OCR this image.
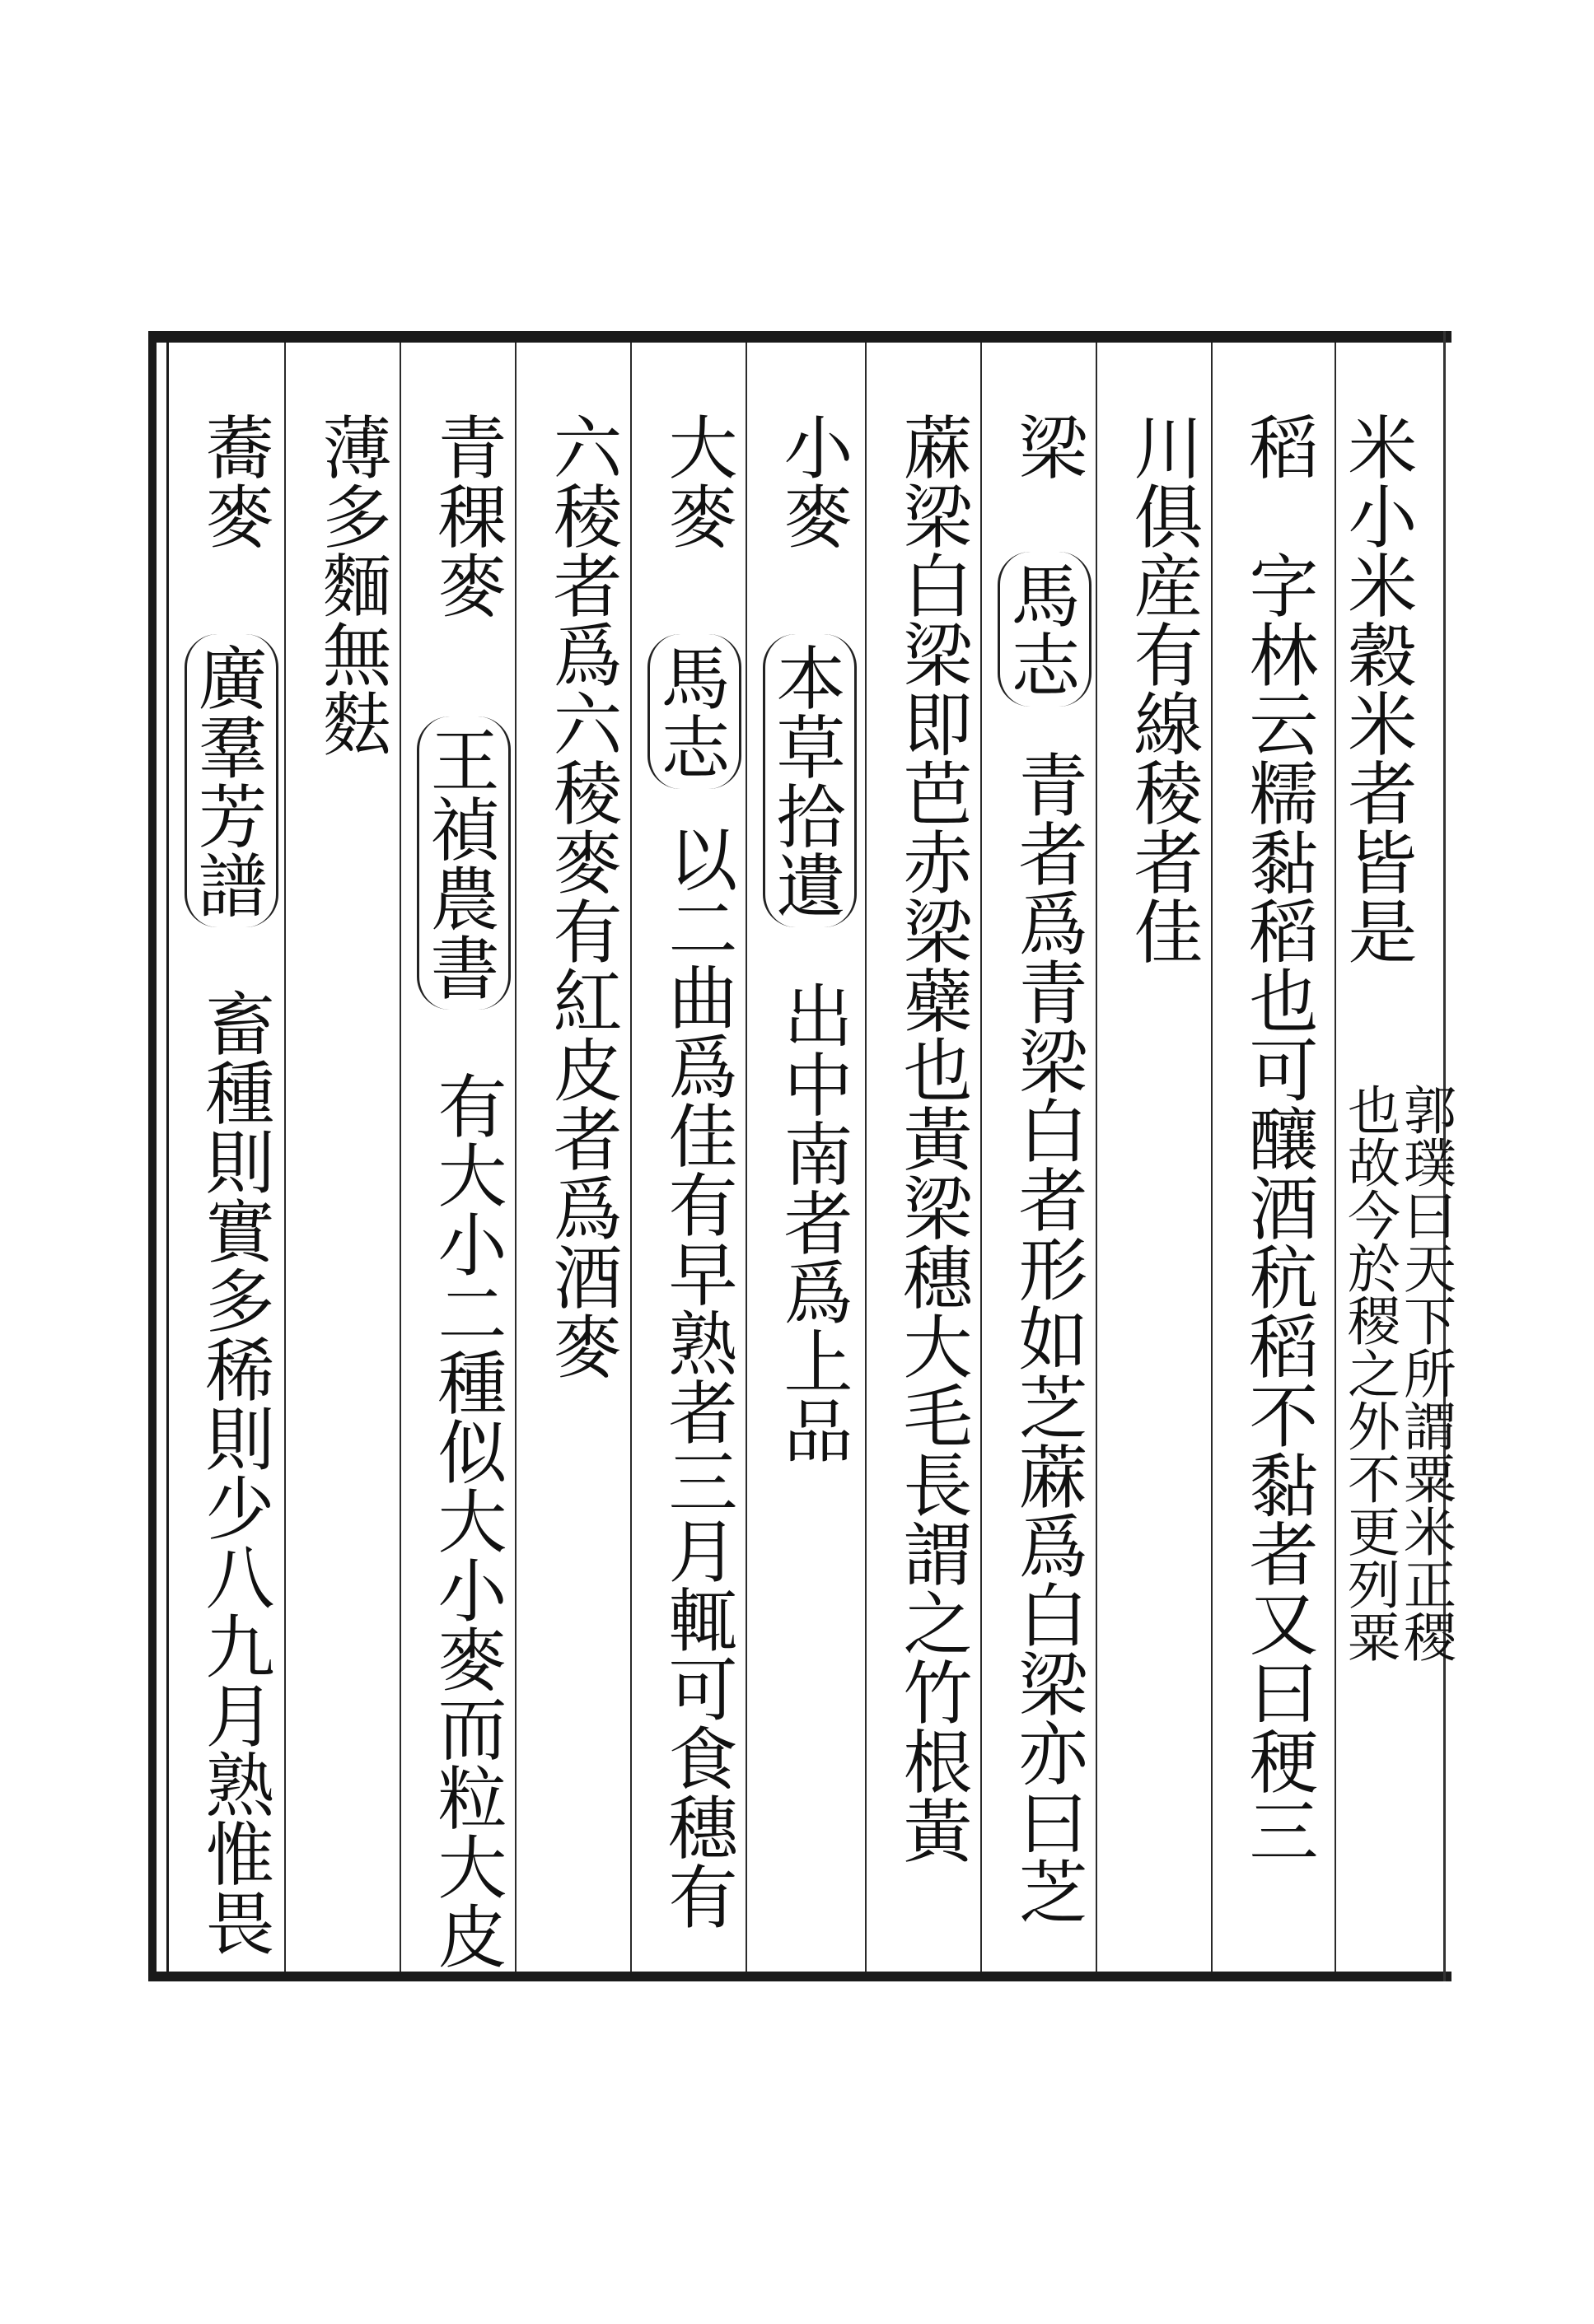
米小米穀米者皆是
郭璞曰天下所謂粟米正稷
也故今於稷之外不更列粟
稻　字林云糯黏稻也可釀酒秔稻不黏者又曰稉三
川俱産有線稜者佳
梁
馬志
青者爲青梁白者形如芝蔴爲白梁亦曰芝
蔴梁白梁即芭赤梁蘗也黃梁穗大毛長謂之竹根黃
小麥
本草拾遺
出中南者爲上品
大麥
馬志
以二曲爲佳有早熟者三月輒可食穗有
六稜者爲六稜麥有紅皮者爲酒麥
青稞麥
王禎農書
有大小二種似大小麥而粒大皮
薄多麵無麮
蕎麥
廣羣芳譜
畜種則實多稀則少八九月熟惟畏
